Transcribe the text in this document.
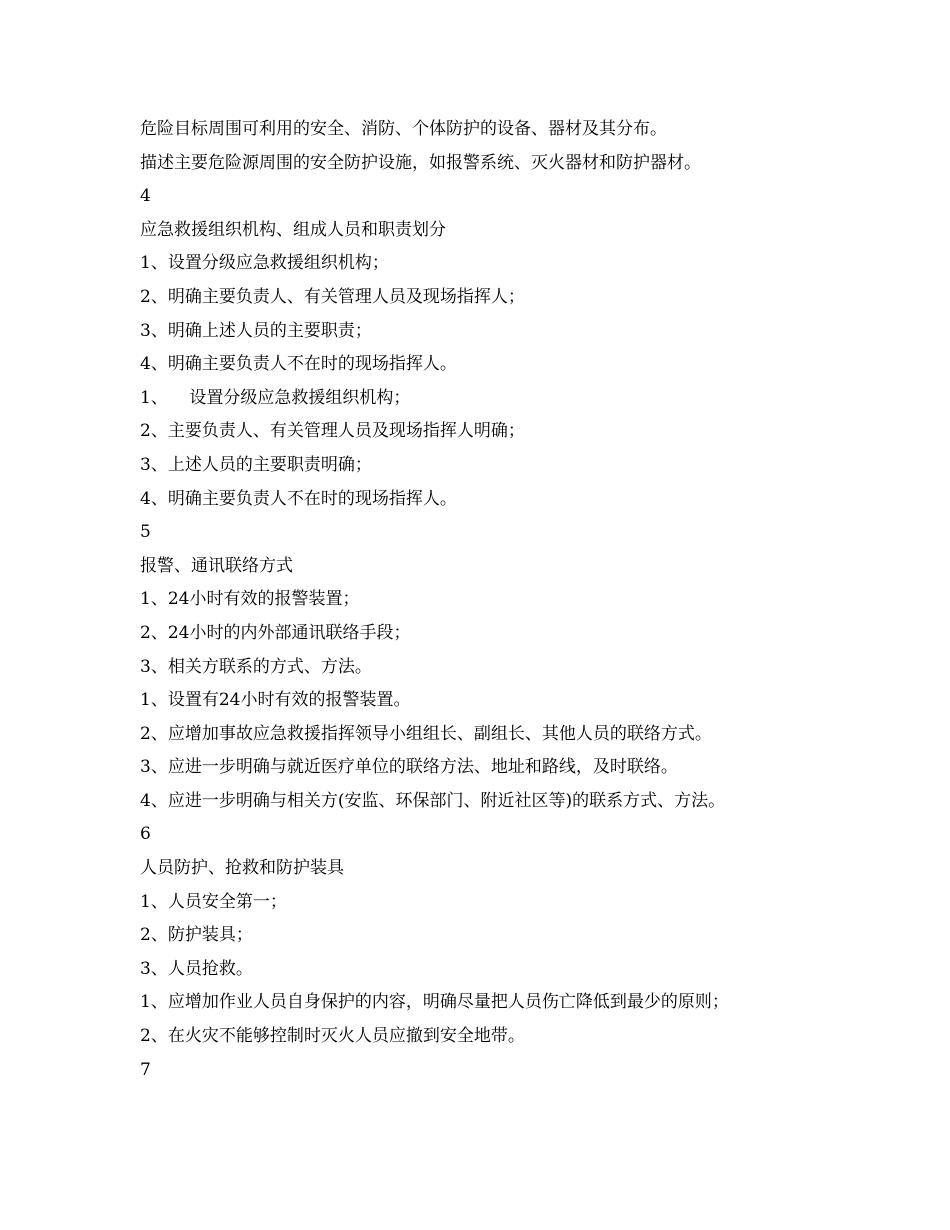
危险目标周围可利用的安全、消防、个体防护的设备、器材及其分布。
描述主要危险源周围的安全防护设施，如报警系统、灭火器材和防护器材。
4
应急救援组织机构、组成人员和职责划分
1、设置分级应急救援组织机构；
2、明确主要负责人、有关管理人员及现场指挥人；
3、明确上述人员的主要职责；
4、明确主要负责人不在时的现场指挥人。
1、    设置分级应急救援组织机构；
2、主要负责人、有关管理人员及现场指挥人明确；
3、上述人员的主要职责明确；
4、明确主要负责人不在时的现场指挥人。
5
报警、通讯联络方式
1、24小时有效的报警装置；
2、24小时的内外部通讯联络手段；
3、相关方联系的方式、方法。
1、设置有24小时有效的报警装置。
2、应增加事故应急救援指挥领导小组组长、副组长、其他人员的联络方式。
3、应进一步明确与就近医疗单位的联络方法、地址和路线，及时联络。
4、应进一步明确与相关方(安监、环保部门、附近社区等)的联系方式、方法。
6
人员防护、抢救和防护装具
1、人员安全第一；
2、防护装具；
3、人员抢救。
1、应增加作业人员自身保护的内容，明确尽量把人员伤亡降低到最少的原则；
2、在火灾不能够控制时灭火人员应撤到安全地带。
7
